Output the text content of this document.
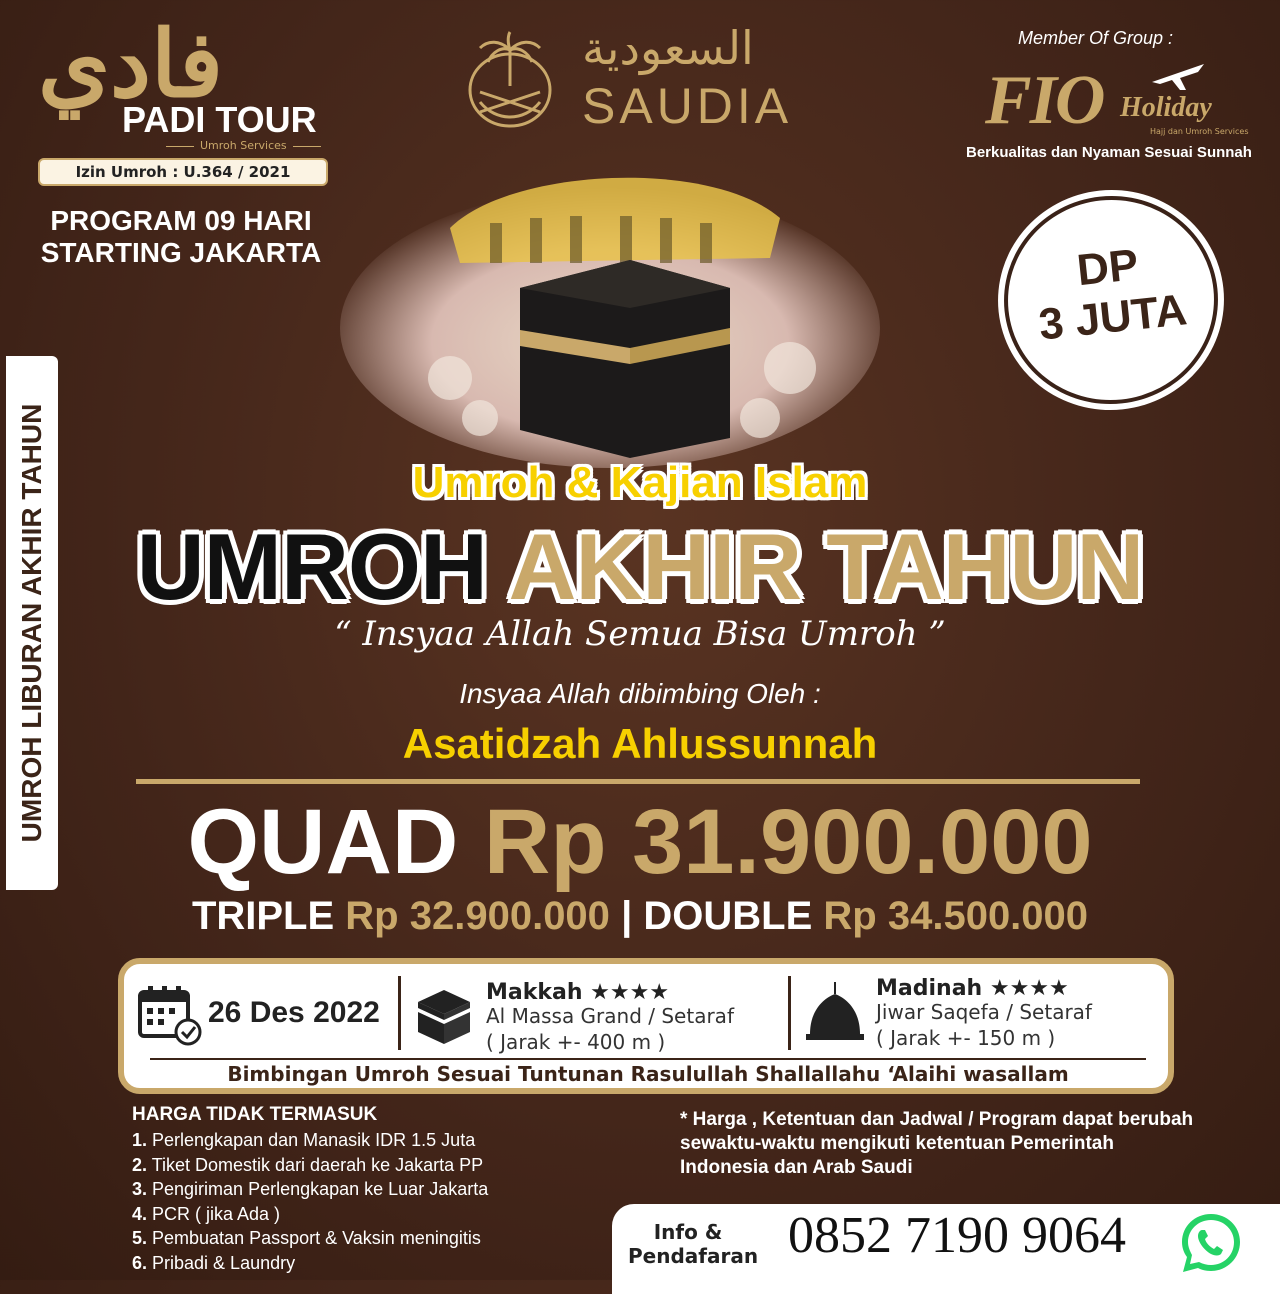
فادي
PADI TOUR
Umroh Services
Izin Umroh : U.364 / 2021
PROGRAM 09 HARI
STARTING JAKARTA
السعودية
SAUDIA
Member Of Group :
FIO Holiday
Hajj dan Umroh Services
Berkualitas dan Nyaman Sesuai Sunnah
DP
3 JUTA
UMROH LIBURAN AKHIR TAHUN	Umroh & Kajian Islam
UMROH AKHIR TAHUN
“ Insyaa Allah Semua Bisa Umroh ”
Insyaa Allah dibimbing Oleh :
Asatidzah Ahlussunnah
QUAD Rp 31.900.000
TRIPLE Rp 32.900.000 | DOUBLE Rp 34.500.000
26 Des 2022
Makkah ★★★★
Al Massa Grand / Setaraf
( Jarak +- 400 m )
Madinah ★★★★
Jiwar Saqefa / Setaraf
( Jarak +- 150 m )
Bimbingan Umroh Sesuai Tuntunan Rasulullah Shallallahu ‘Alaihi wasallam
HARGA TIDAK TERMASUK
1. Perlengkapan dan Manasik IDR 1.5 Juta
2. Tiket Domestik dari daerah ke Jakarta PP
3. Pengiriman Perlengkapan ke Luar Jakarta
4. PCR ( jika Ada )
5. Pembuatan Passport & Vaksin meningitis
6. Pribadi & Laundry
* Harga , Ketentuan dan Jadwal / Program dapat berubah sewaktu-waktu mengikuti ketentuan Pemerintah Indonesia dan Arab Saudi
Info &
Pendafaran 0852 7190 9064
